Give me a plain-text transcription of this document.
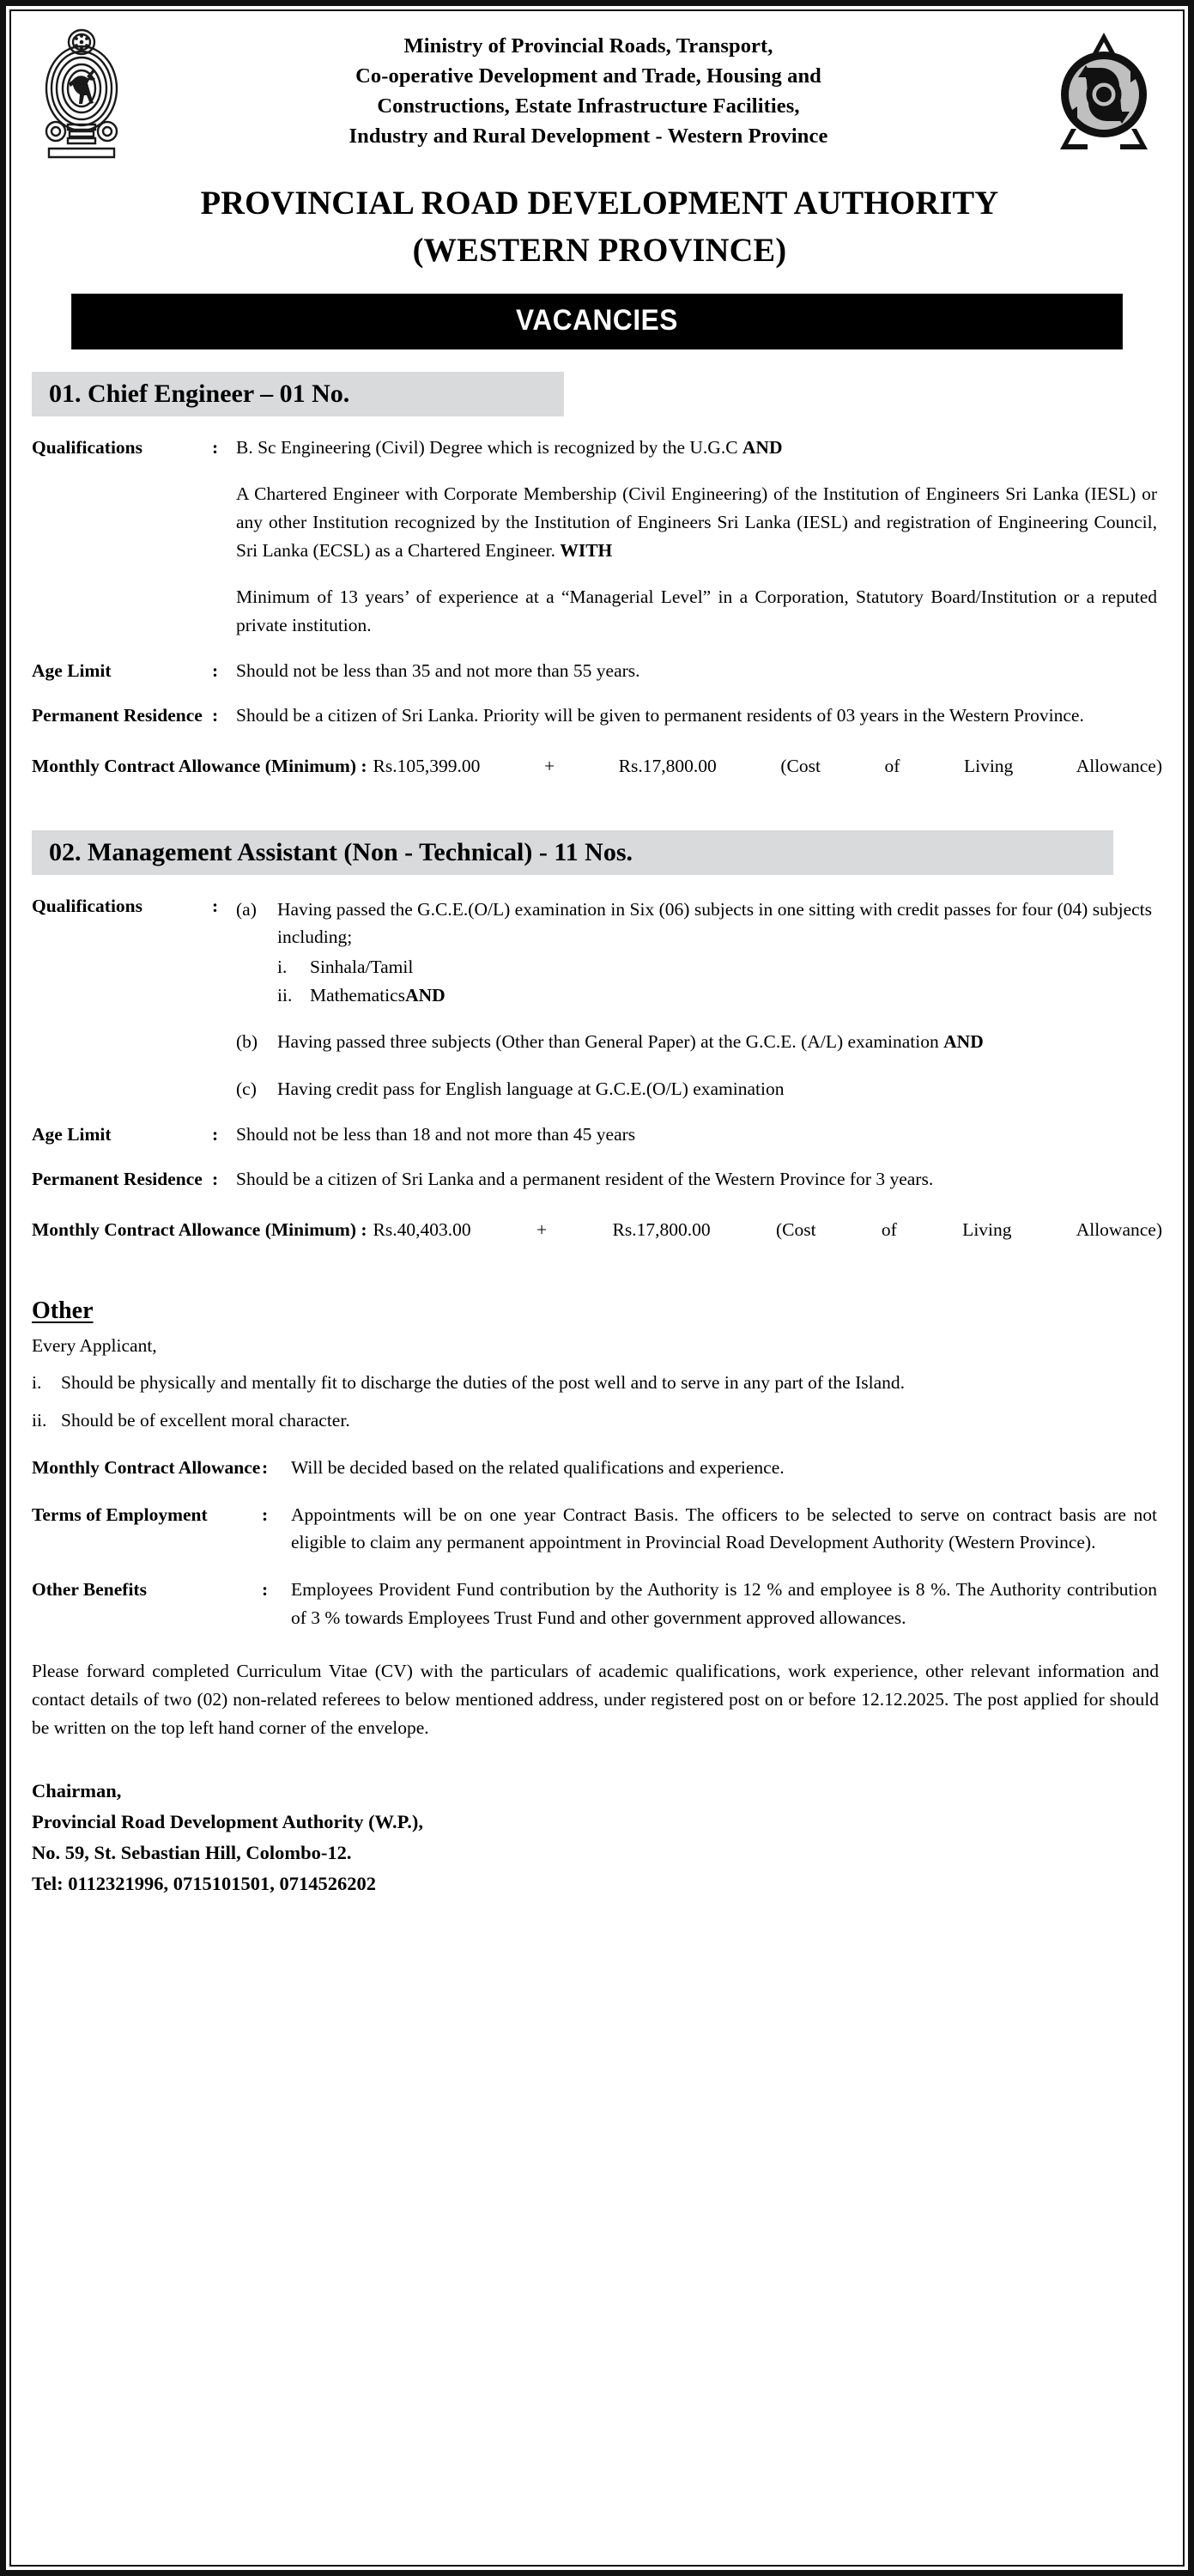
Ministry of Provincial Roads, Transport,
Co-operative Development and Trade, Housing and
Constructions, Estate Infrastructure Facilities,
Industry and Rural Development - Western Province
PROVINCIAL ROAD DEVELOPMENT AUTHORITY
(WESTERN PROVINCE)
VACANCIES
01. Chief Engineer – 01 No.
Qualifications	: B. Sc Engineering (Civil) Degree which is recognized by the U.G.C AND
A Chartered Engineer with Corporate Membership (Civil Engineering) of the Institution of Engineers Sri Lanka (IESL) or any other Institution recognized by the Institution of Engineers Sri Lanka (IESL) and registration of Engineering Council, Sri Lanka (ECSL) as a Chartered Engineer. WITH
Minimum of 13 years’ of experience at a “Managerial Level” in a Corporation, Statutory Board/Institution or a reputed private institution.
Age Limit	: Should not be less than 35 and not more than 55 years.
Permanent Residence : Should be a citizen of Sri Lanka. Priority will be given to permanent residents of 03 years in the Western Province.
Monthly Contract Allowance (Minimum) : Rs.105,399.00 + Rs.17,800.00 (Cost of Living Allowance)
02. Management Assistant (Non - Technical) - 11 Nos.
Qualifications	: (a)	Having passed the G.C.E.(O/L) examination in Six (06) subjects in one sitting with credit passes for four (04) subjects including;
i.	Sinhala/Tamil
ii. Mathematics AND
(b)	Having passed three subjects (Other than General Paper) at the G.C.E. (A/L) examination AND
(c)	Having credit pass for English language at G.C.E.(O/L) examination
Age Limit	: Should not be less than 18 and not more than 45 years
Permanent Residence : Should be a citizen of Sri Lanka and a permanent resident of the Western Province for 3 years.
Monthly Contract Allowance (Minimum) : Rs.40,403.00 + Rs.17,800.00 (Cost of Living Allowance)
Other
Every Applicant,
i.	Should be physically and mentally fit to discharge the duties of the post well and to serve in any part of the Island.
ii. Should be of excellent moral character.
Monthly Contract Allowance :	Will be decided based on the related qualifications and experience.
Terms of Employment	:	Appointments will be on one year Contract Basis. The officers to be selected to serve on contract basis are not eligible to claim any permanent appointment in Provincial Road Development Authority (Western Province).
Other Benefits	:	Employees Provident Fund contribution by the Authority is 12 % and employee is 8 %. The Authority contribution of 3 % towards Employees Trust Fund and other government approved allowances.
Please forward completed Curriculum Vitae (CV) with the particulars of academic qualifications, work experience, other relevant information and contact details of two (02) non-related referees to below mentioned address, under registered post on or before 12.12.2025. The post applied for should be written on the top left hand corner of the envelope.
Chairman,
Provincial Road Development Authority (W.P.),
No. 59, St. Sebastian Hill, Colombo-12.
Tel: 0112321996, 0715101501, 0714526202
